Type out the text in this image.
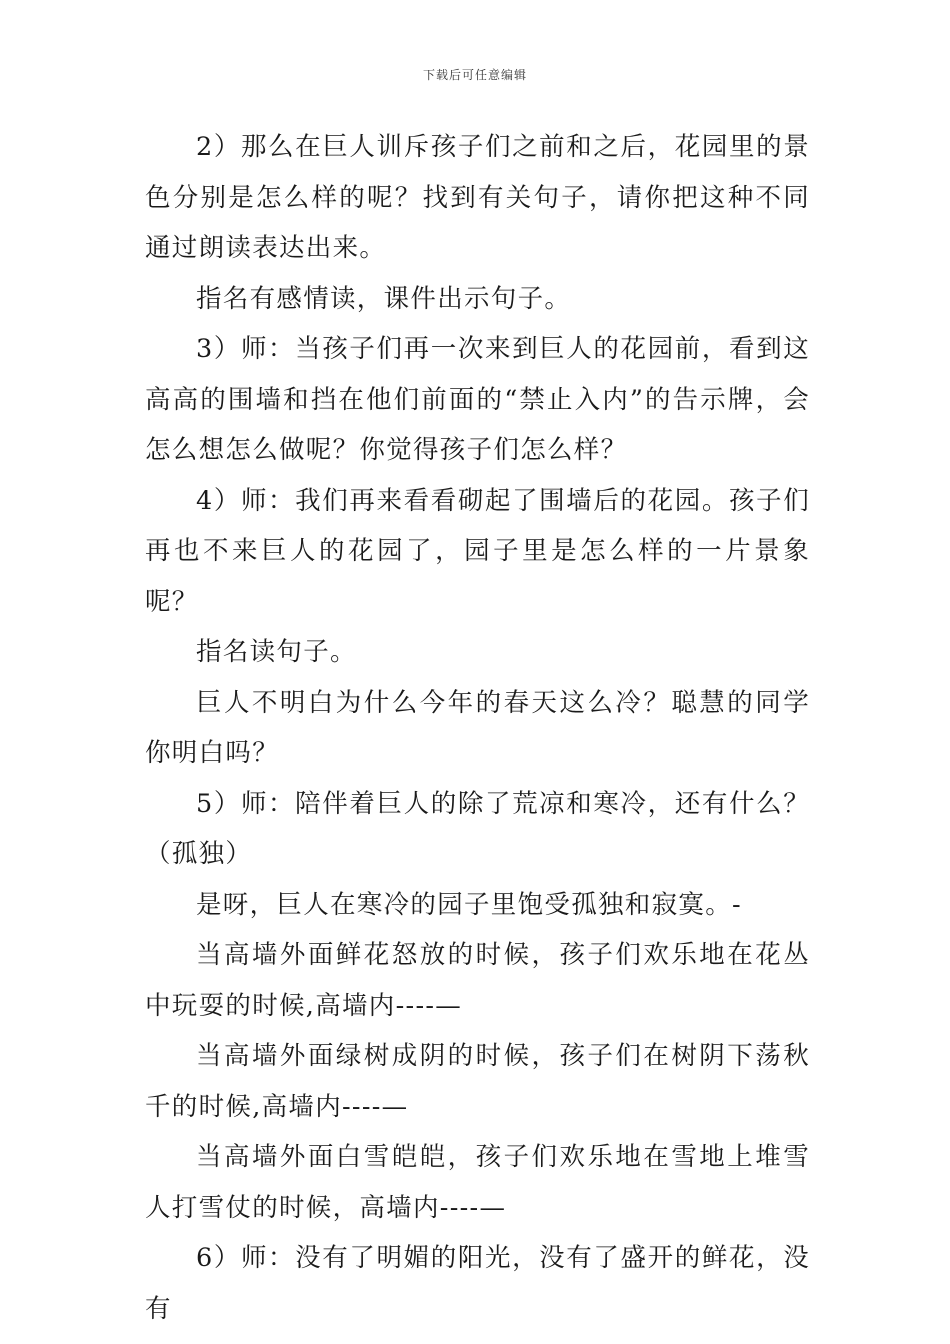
下载后可任意编辑

2）那么在巨人训斥孩子们之前和之后，花园里的景色分别是怎么样的呢？找到有关句子，请你把这种不同通过朗读表达出来。

指名有感情读，课件出示句子。

3）师：当孩子们再一次来到巨人的花园前，看到这高高的围墙和挡在他们前面的“禁止入内”的告示牌，会怎么想怎么做呢？你觉得孩子们怎么样？

4）师：我们再来看看砌起了围墙后的花园。孩子们再也不来巨人的花园了，园子里是怎么样的一片景象呢？

指名读句子。

巨人不明白为什么今年的春天这么冷？聪慧的同学你明白吗？

5）师：陪伴着巨人的除了荒凉和寒冷，还有什么？（孤独）

是呀，巨人在寒冷的园子里饱受孤独和寂寞。-

当高墙外面鲜花怒放的时候，孩子们欢乐地在花丛中玩耍的时候,高墙内----—

当高墙外面绿树成阴的时候，孩子们在树阴下荡秋千的时候,高墙内----—

当高墙外面白雪皑皑，孩子们欢乐地在雪地上堆雪人打雪仗的时候，高墙内----—

6）师：没有了明媚的阳光，没有了盛开的鲜花，没有
